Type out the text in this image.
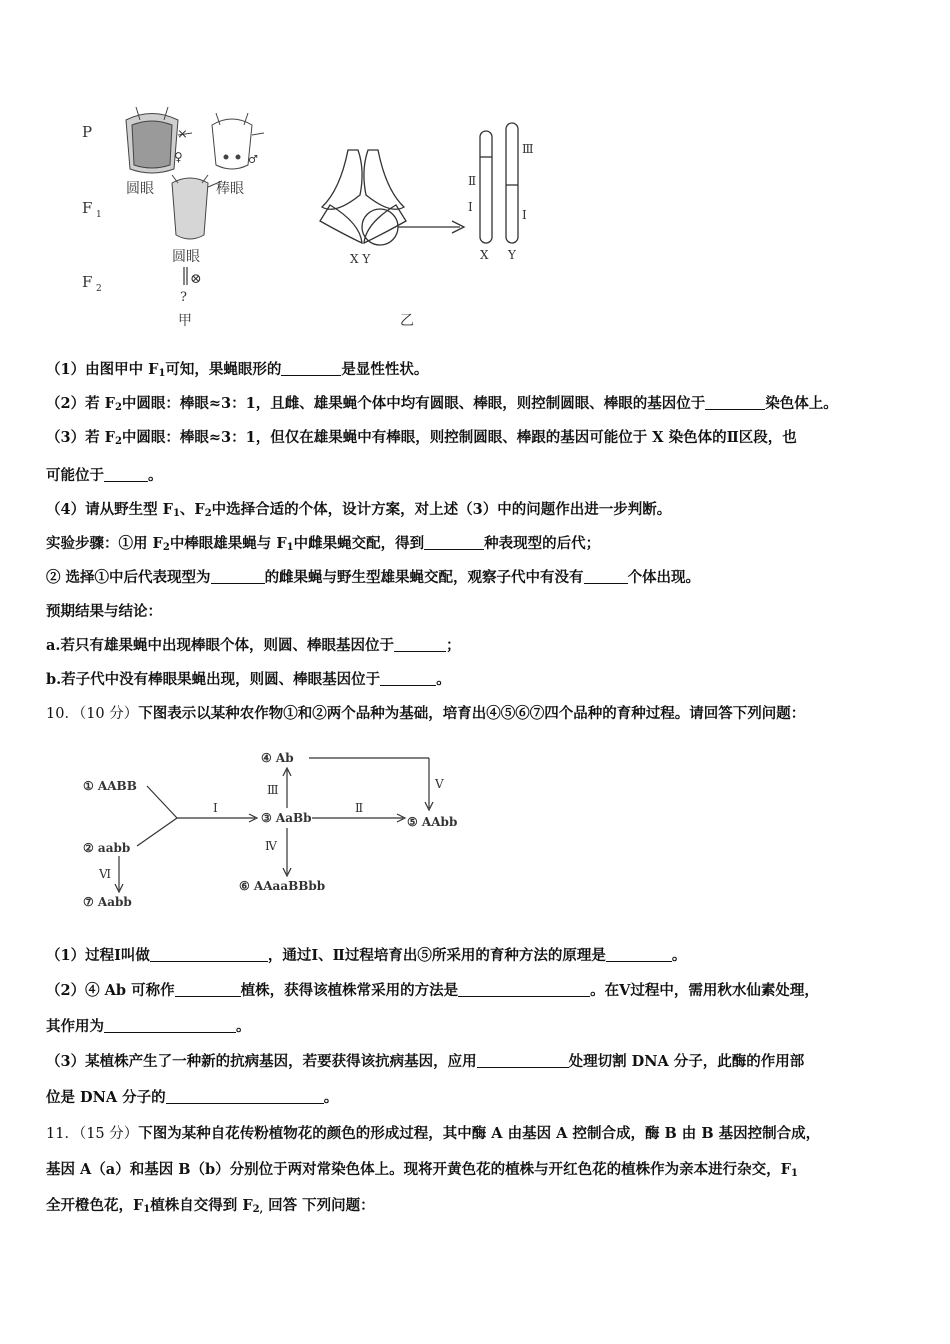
P
F 1
F 2
×
♀	♂
圆眼	棒眼
圆眼
⊗
?
甲
X Y
乙
Ⅱ
Ⅰ
Ⅲ
Ⅰ
X Y
（1）由图甲中 $F_1$可知，果蝇眼形的	是显性性状。
（2）若 $F_2$中圆眼：棒眼≈3：1，且雌、雄果蝇个体中均有圆眼、棒眼，则控制圆眼、棒眼的基因位于	染色体上。
（3）若 $F_2$中圆眼：棒眼≈3：1，但仅在雄果蝇中有棒眼，则控制圆眼、棒跟的基因可能位于 X 染色体的Ⅱ区段，也
可能位于	。
（4）请从野生型 $F_1$、$F_2$中选择合适的个体，设计方案，对上述（3）中的问题作出进一步判断。
实验步骤：①用 $F_2$中棒眼雄果蝇与 $F_1$中雌果蝇交配，得到	种表现型的后代；
② 选择①中后代表现型为	的雌果蝇与野生型雄果蝇交配，观察子代中有没有	个体出现。
预期结果与结论：
a.若只有雄果蝇中出现棒眼个体，则圆、棒眼基因位于	；
b.若子代中没有棒眼果蝇出现，则圆、棒眼基因位于	。
10．（10 分）下图表示以某种农作物①和②两个品种为基础，培育出④⑤⑥⑦四个品种的育种过程。请回答下列问题：
① AABB
② aabb
③ AaBb
④ Ab
⑤ AAbb
⑥ AAaaBBbb
⑦ Aabb
Ⅰ	Ⅱ
Ⅲ
Ⅳ
Ⅴ
Ⅵ
（1）过程Ⅰ叫做	，通过Ⅰ、Ⅱ过程培育出⑤所采用的育种方法的原理是	。
（2）④ Ab 可称作	植株，获得该植株常采用的方法是	。在Ⅴ过程中，需用秋水仙素处理，
其作用为	。
（3）某植株产生了一种新的抗病基因，若要获得该抗病基因，应用	处理切割 DNA 分子，此酶的作用部
位是 DNA 分子的	。
11．（15 分）下图为某种自花传粉植物花的颜色的形成过程，其中酶 A 由基因 A 控制合成，酶 B 由 B 基因控制合成，
基因 A（a）和基因 B（b）分别位于两对常染色体上。现将开黄色花的植株与开红色花的植株作为亲本进行杂交，$F_1$
全开橙色花，$F_1$植株自交得到 $F_{2,}$ 回答 下列问题：
